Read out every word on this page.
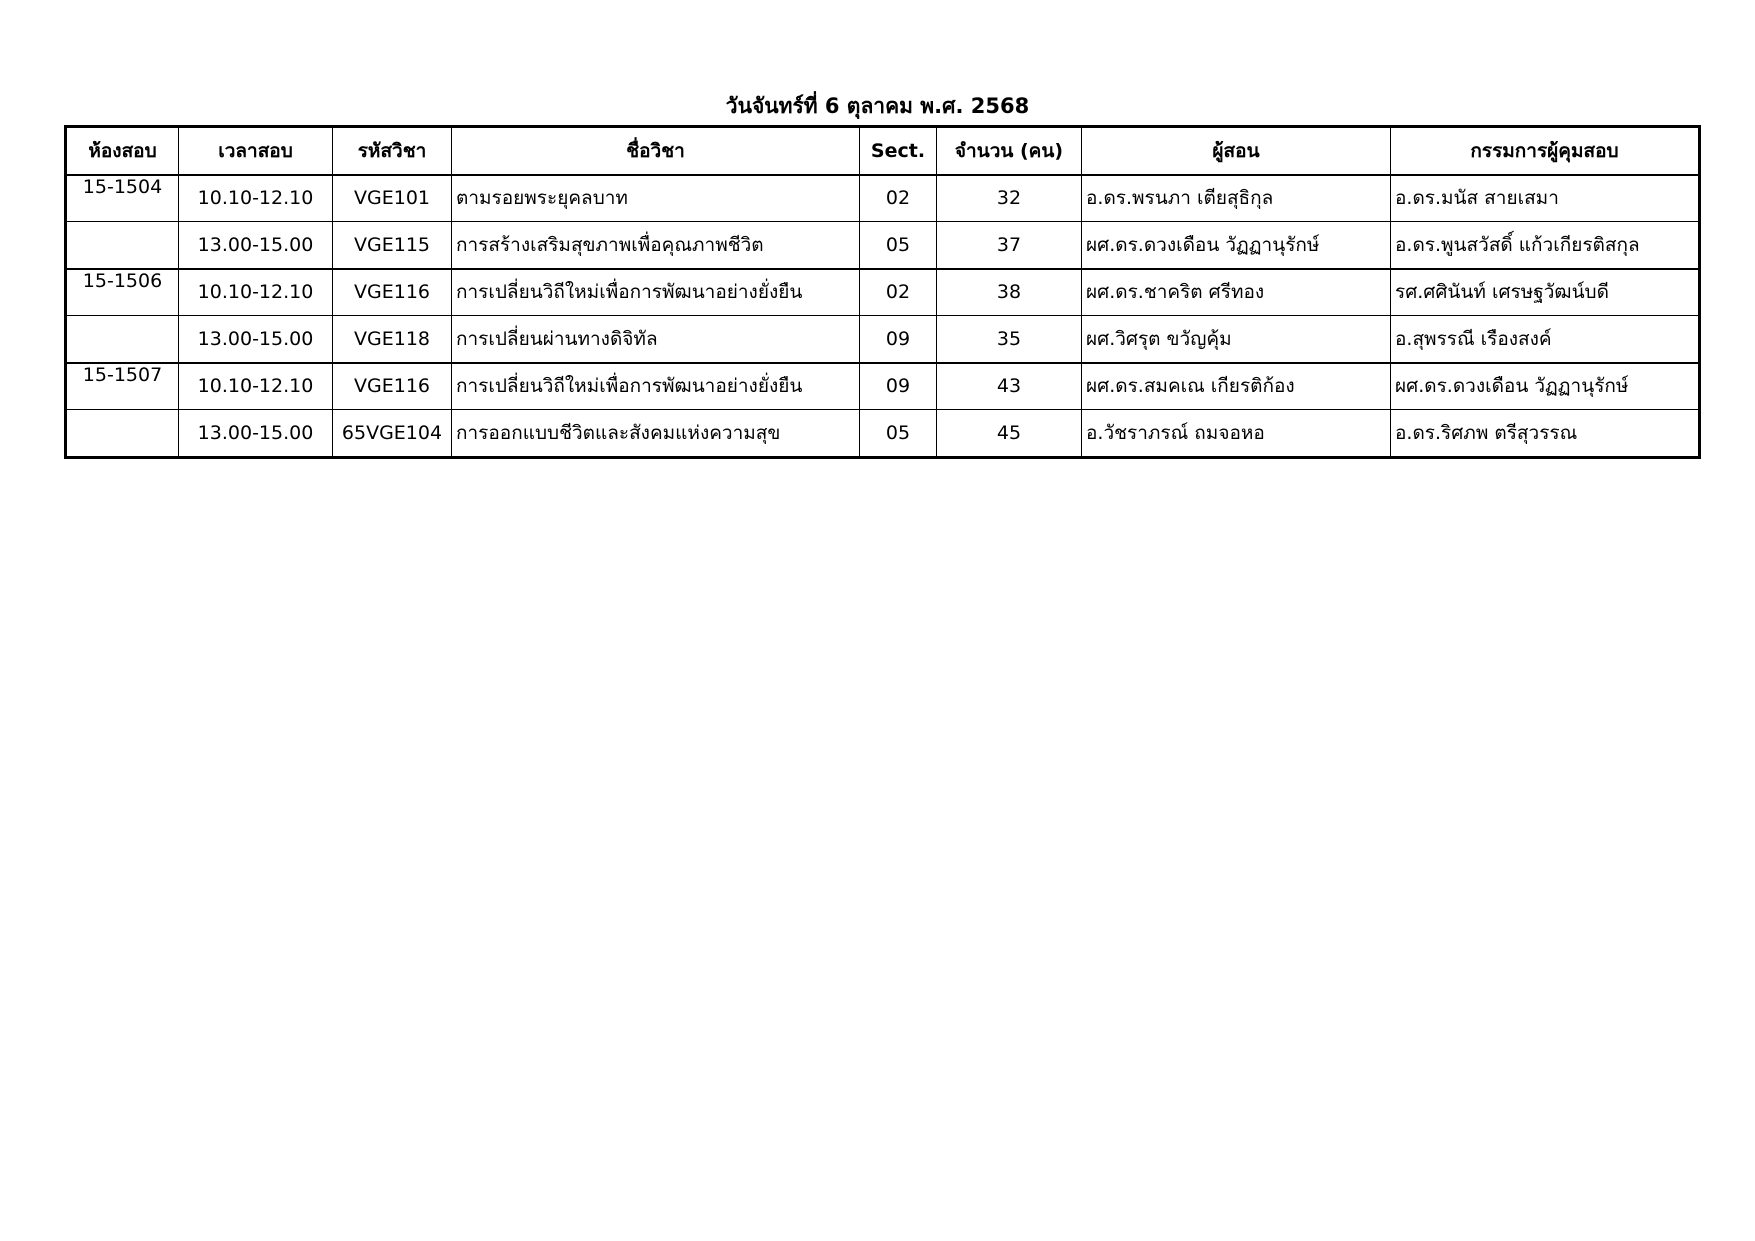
วันจันทร์ที่ 6 ตุลาคม พ.ศ. 2568
ห้องสอบ	เวลาสอบ	รหัสวิชา	ชื่อวิชา	Sect.	จำนวน (คน)	ผู้สอน	กรรมการผู้คุมสอบ
15-1504	10.10-12.10	VGE101	ตามรอยพระยุคลบาท	02	32	อ.ดร.พรนภา เตียสุธิกุล	อ.ดร.มนัส สายเสมา
	13.00-15.00	VGE115	การสร้างเสริมสุขภาพเพื่อคุณภาพชีวิต	05	37	ผศ.ดร.ดวงเดือน วัฏฏานุรักษ์	อ.ดร.พูนสวัสดิ์ แก้วเกียรติสกุล
15-1506	10.10-12.10	VGE116	การเปลี่ยนวิถีใหม่เพื่อการพัฒนาอย่างยั่งยืน	02	38	ผศ.ดร.ชาคริต ศรีทอง	รศ.ศศินันท์ เศรษฐวัฒน์บดี
	13.00-15.00	VGE118	การเปลี่ยนผ่านทางดิจิทัล	09	35	ผศ.วิศรุต ขวัญคุ้ม	อ.สุพรรณี เรืองสงค์
15-1507	10.10-12.10	VGE116	การเปลี่ยนวิถีใหม่เพื่อการพัฒนาอย่างยั่งยืน	09	43	ผศ.ดร.สมคเณ เกียรติก้อง	ผศ.ดร.ดวงเดือน วัฏฏานุรักษ์
	13.00-15.00	65VGE104	การออกแบบชีวิตและสังคมแห่งความสุข	05	45	อ.วัชราภรณ์ ถมจอหอ	อ.ดร.ริศภพ ตรีสุวรรณ
